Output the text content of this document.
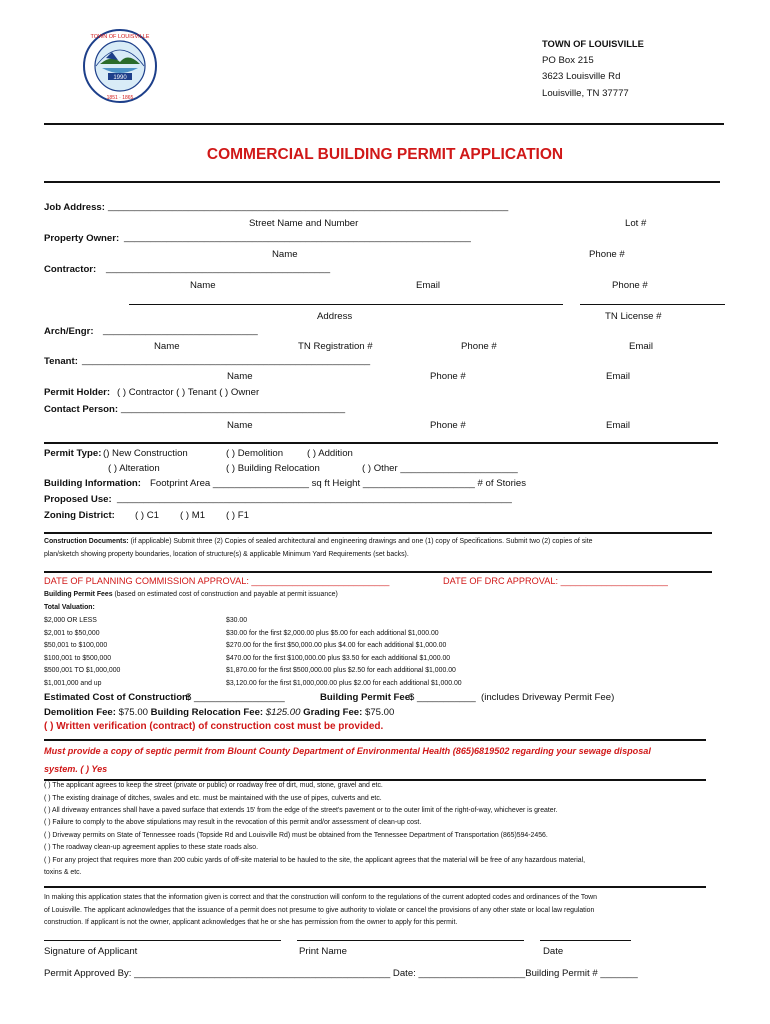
1990
TOWN OF LOUISVILLE
1851 · 1865
TOWN OF LOUISVILLE
PO Box 215
3623 Louisville Rd
Louisville, TN 37777
COMMERCIAL BUILDING PERMIT APPLICATION
Job Address: ___________________________________________________________________________
Street Name and Number	Lot #
Property Owner: _________________________________________________________________
Name	Phone #
Contractor: __________________________________________
Name	Email	Phone #
Address	TN License #
Arch/Engr: _____________________________
Name	TN Registration #	Phone #	Email
Tenant: ______________________________________________________
Name	Phone #	Email
Permit Holder: ( ) Contractor ( ) Tenant ( ) Owner
Contact Person: __________________________________________
Name	Phone #	Email
Permit Type: () New Construction	( ) Demolition ( ) Addition
( ) Alteration	( ) Building Relocation	( ) Other ______________________
Building Information: Footprint Area __________________ sq ft Height _____________________ # of Stories
Proposed Use: __________________________________________________________________________
Zoning District: ( ) C1 ( ) M1 ( ) F1
Construction Documents: (if applicable) Submit three (2) Copies of sealed architectural and engineering drawings and one (1) copy of Specifications. Submit two (2) copies of site
plan/sketch showing property boundaries, location of structure(s) & applicable Minimum Yard Requirements (set backs).
DATE OF PLANNING COMMISSION APPROVAL: ___________________________	DATE OF DRC APPROVAL: _____________________
Building Permit Fees (based on estimated cost of construction and payable at permit issuance)
Total Valuation:
$2,000 OR LESS	$30.00
$2,001 to $50,000	$30.00 for the first $2,000.00 plus $5.00 for each additional $1,000.00
$50,001 to $100,000	$270.00 for the first $50,000.00 plus $4.00 for each additional $1,000.00
$100,001 to $500,000	$470.00 for the first $100,000.00 plus $3.50 for each additional $1,000.00
$500,001 TO $1,000,000	$1,870.00 for the first $500,000.00 plus $2.50 for each additional $1,000.00
$1,001,000 and up	$3,120.00 for the first $1,000,000.00 plus $2.00 for each additional $1,000.00
Estimated Cost of Construction:
$ _________________	Building Permit Fee:
$ ___________ (includes Driveway Permit Fee)
Demolition Fee: $75.00 Building Relocation Fee: $125.00 Grading Fee: $75.00
( ) Written verification (contract) of construction cost must be provided.
Must provide a copy of septic permit from Blount County Department of Environmental Health (865)6819502 regarding your sewage disposal
system. ( ) Yes
( ) The applicant agrees to keep the street (private or public) or roadway free of dirt, mud, stone, gravel and etc.
( ) The existing drainage of ditches, swales and etc. must be maintained with the use of pipes, culverts and etc.
( ) All driveway entrances shall have a paved surface that extends 15' from the edge of the street's pavement or to the outer limit of the right-of-way, whichever is greater.
( ) Failure to comply to the above stipulations may result in the revocation of this permit and/or assessment of clean-up cost.
( ) Driveway permits on State of Tennessee roads (Topside Rd and Louisville Rd) must be obtained from the Tennessee Department of Transportation (865)594-2456.
( ) The roadway clean-up agreement applies to these state roads also.
( ) For any project that requires more than 200 cubic yards of off-site material to be hauled to the site, the applicant agrees that the material will be free of any hazardous material,
toxins & etc.
In making this application states that the information given is correct and that the construction will conform to the regulations of the current adopted codes and ordinances of the Town
of Louisville. The applicant acknowledges that the issuance of a permit does not presume to give authority to violate or cancel the provisions of any other state or local law regulation
construction. If applicant is not the owner, applicant acknowledges that he or she has permission from the owner to apply for this permit.
Signature of Applicant	Print Name	Date
Permit Approved By: ________________________________________________ Date: ____________________Building Permit # _______
